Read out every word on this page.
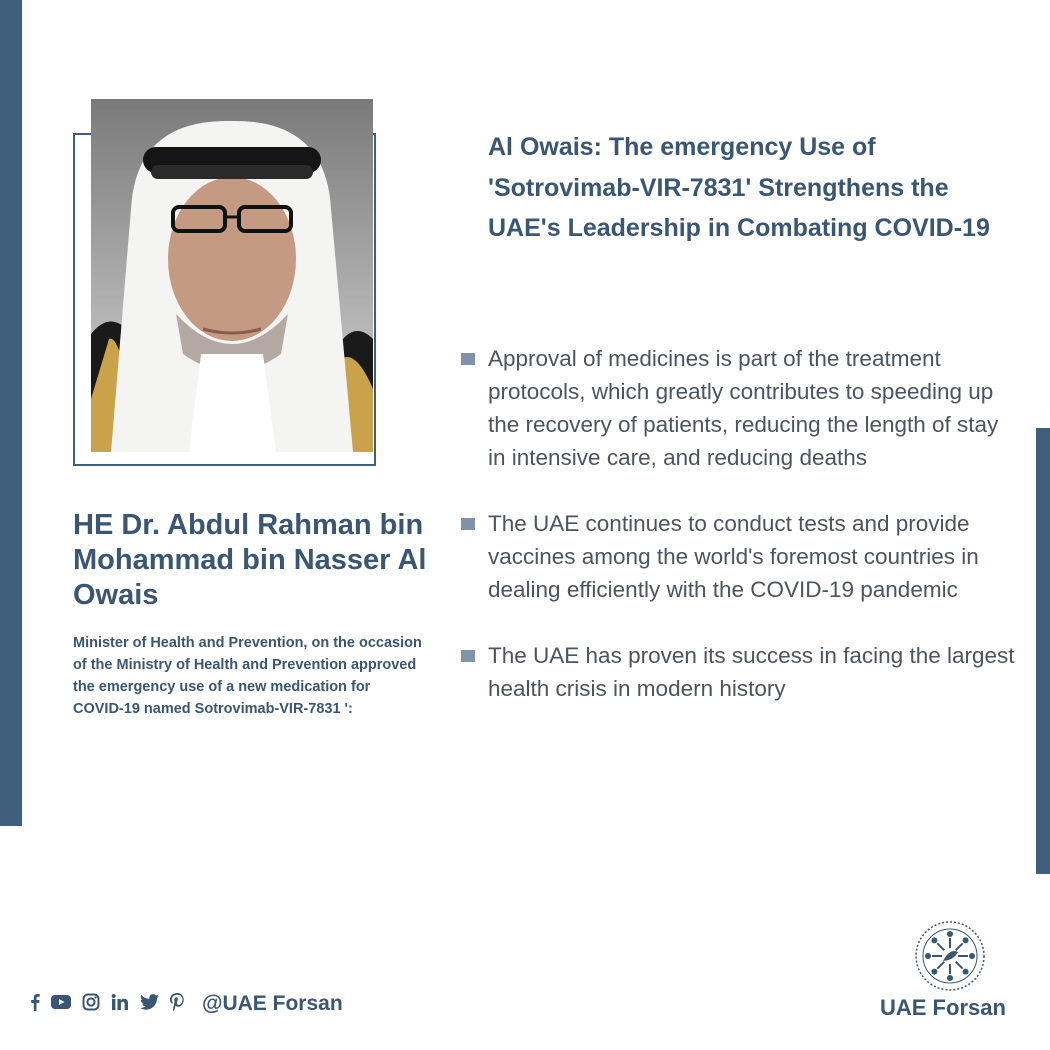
HE Dr. Abdul Rahman bin Mohammad bin Nasser Al Owais

Minister of Health and Prevention, on the occasion of the Ministry of Health and Prevention approved the emergency use of a new medication for COVID-19 named Sotrovimab-VIR-7831 ':

Al Owais: The emergency Use of 'Sotrovimab-VIR-7831' Strengthens the UAE's Leadership in Combating COVID-19
Approval of medicines is part of the treatment protocols, which greatly contributes to speeding up the recovery of patients, reducing the length of stay in intensive care, and reducing deaths
The UAE continues to conduct tests and provide vaccines among the world's foremost countries in dealing efficiently with the COVID-19 pandemic
The UAE has proven its success in facing the largest health crisis in modern history
@UAE Forsan	UAE Forsan
